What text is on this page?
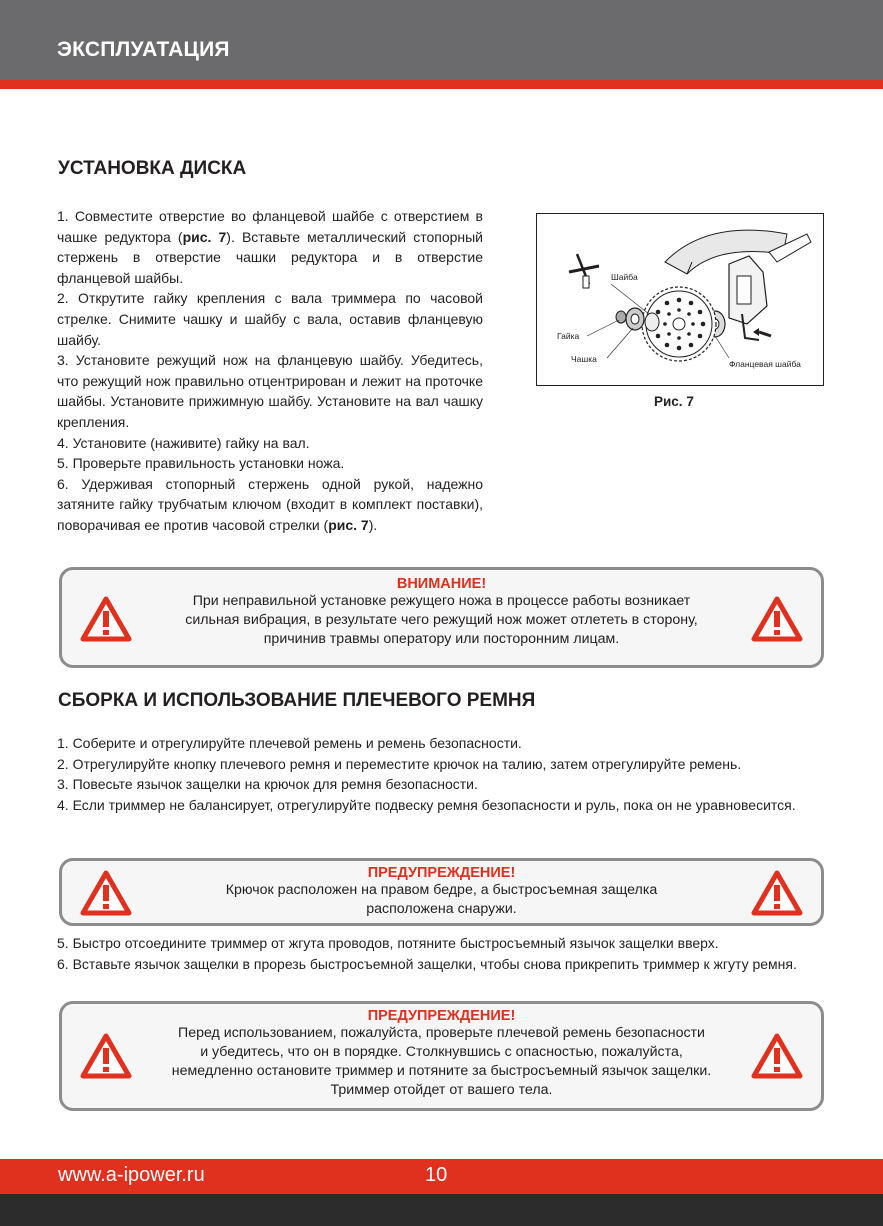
ЭКСПЛУАТАЦИЯ
УСТАНОВКА ДИСКА

1. Совместите отверстие во фланцевой шайбе с отверстием в чашке редуктора (рис. 7). Вставьте металлический стопорный стержень в отверстие чашки редуктора и в отверстие фланцевой шайбы.

2. Открутите гайку крепления с вала триммера по часовой стрелке. Снимите чашку и шайбу с вала, оставив фланцевую шайбу.

3. Установите режущий нож на фланцевую шайбу. Убедитесь, что режущий нож правильно отцентрирован и лежит на проточке шайбы. Установите прижимную шайбу. Установите на вал чашку крепления.

4. Установите (наживите) гайку на вал.

5. Проверьте правильность установки ножа.

6. Удерживая стопорный стержень одной рукой, надежно затяните гайку трубчатым ключом (входит в комплект поставки), поворачивая ее против часовой стрелки (рис. 7).

Шайба
Гайка
Чашка	Фланцевая шайба
Рис. 7
ВНИМАНИЕ!
При неправильной установке режущего ножа в процессе работы возникает
сильная вибрация, в результате чего режущий нож может отлететь в сторону,
причинив травмы оператору или посторонним лицам.
СБОРКА И ИСПОЛЬЗОВАНИЕ ПЛЕЧЕВОГО РЕМНЯ

1. Соберите и отрегулируйте плечевой ремень и ремень безопасности.

2. Отрегулируйте кнопку плечевого ремня и переместите крючок на талию, затем отрегулируйте ремень.

3. Повесьте язычок защелки на крючок для ремня безопасности.

4. Если триммер не балансирует, отрегулируйте подвеску ремня безопасности и руль, пока он не уравновесится.

ПРЕДУПРЕЖДЕНИЕ!
Крючок расположен на правом бедре, а быстросъемная защелка
расположена снаружи.

5. Быстро отсоедините триммер от жгута проводов, потяните быстросъемный язычок защелки вверх.

6. Вставьте язычок защелки в прорезь быстросъемной защелки, чтобы снова прикрепить триммер к жгуту ремня.

ПРЕДУПРЕЖДЕНИЕ!
Перед использованием, пожалуйста, проверьте плечевой ремень безопасности
и убедитесь, что он в порядке. Столкнувшись с опасностью, пожалуйста,
немедленно остановите триммер и потяните за быстросъемный язычок защелки.
Триммер отойдет от вашего тела.
www.a-ipower.ru	10
